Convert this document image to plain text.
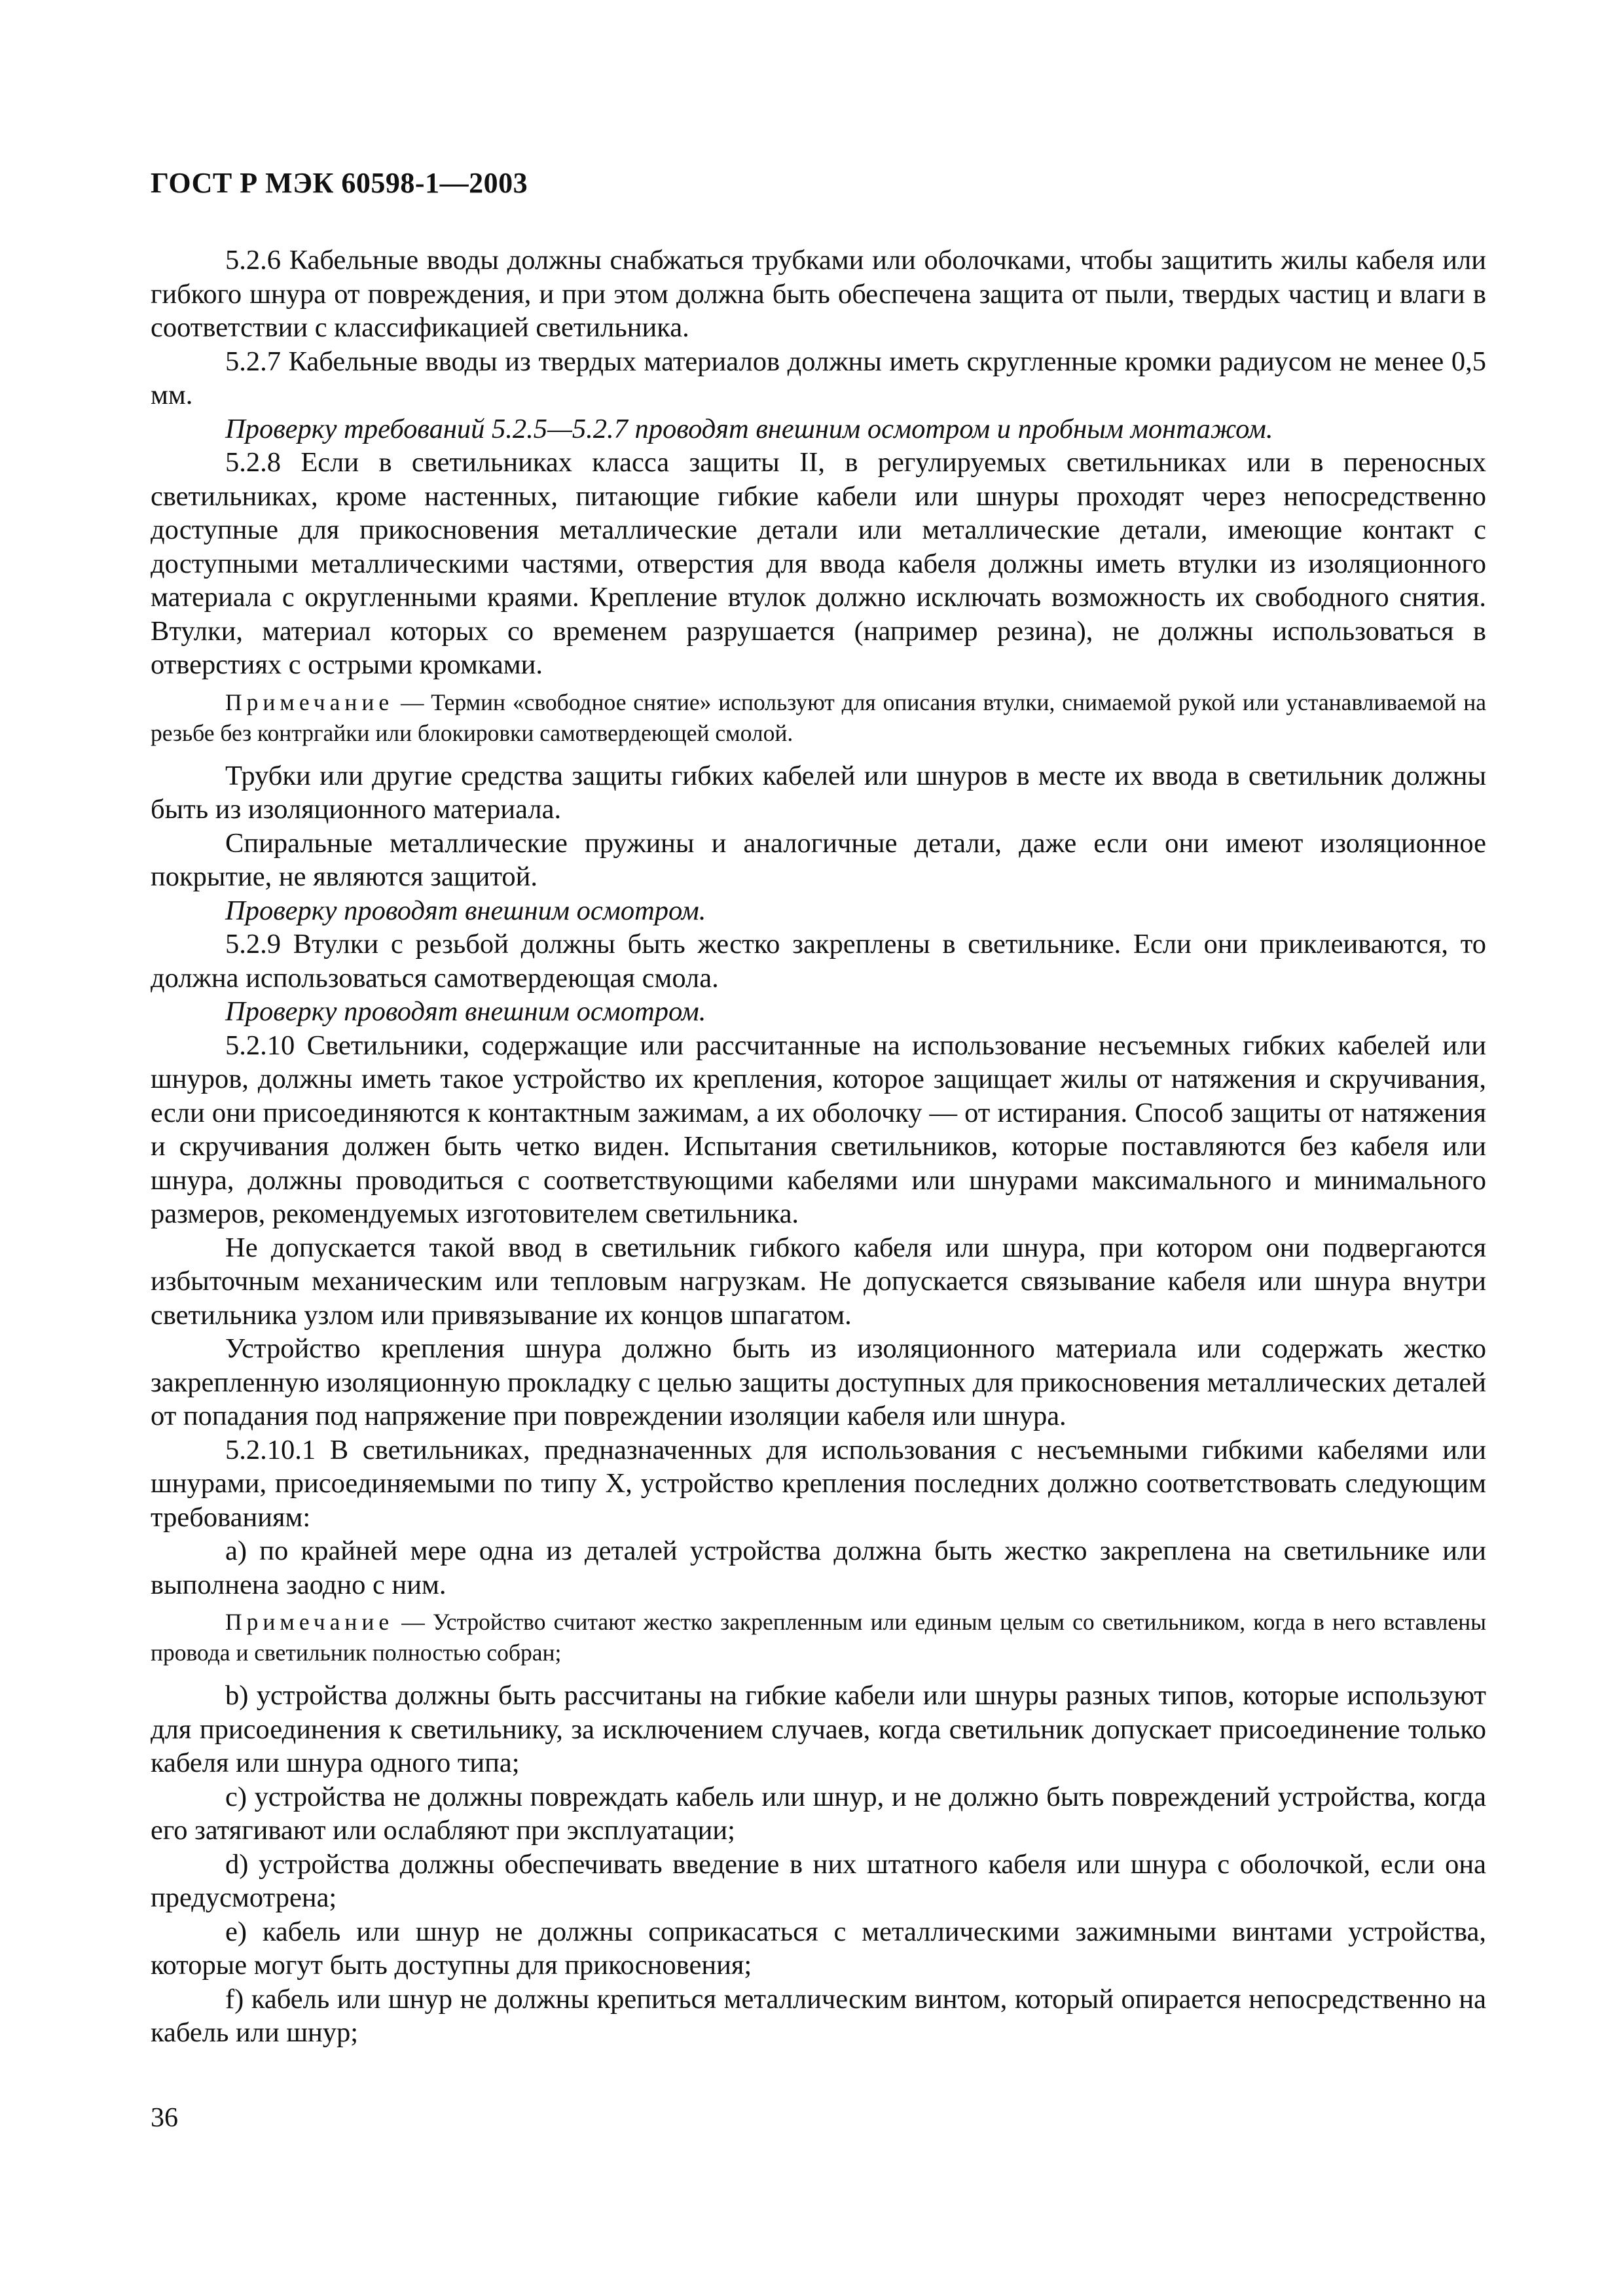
ГОСТ Р МЭК 60598-1—2003

5.2.6 Кабельные вводы должны снабжаться трубками или оболочками, чтобы защитить жилы кабеля или гибкого шнура от повреждения, и при этом должна быть обеспечена защита от пыли, твердых частиц и влаги в соответствии с классификацией светильника.

5.2.7 Кабельные вводы из твердых материалов должны иметь скругленные кромки радиусом не менее 0,5 мм.

Проверку требований 5.2.5—5.2.7 проводят внешним осмотром и пробным монтажом.

5.2.8 Если в светильниках класса защиты II, в регулируемых светильниках или в переносных светильниках, кроме настенных, питающие гибкие кабели или шнуры проходят через непосредственно доступные для прикосновения металлические детали или металлические детали, имеющие контакт с доступными металлическими частями, отверстия для ввода кабеля должны иметь втулки из изоляционного материала с округленными краями. Крепление втулок должно исключать возможность их свободного снятия. Втулки, материал которых со временем разрушается (например резина), не должны использоваться в отверстиях с острыми кромками.

Примечание — Термин «свободное снятие» используют для описания втулки, снимаемой рукой или устанавливаемой на резьбе без контргайки или блокировки самотвердеющей смолой.

Трубки или другие средства защиты гибких кабелей или шнуров в месте их ввода в светильник должны быть из изоляционного материала.

Спиральные металлические пружины и аналогичные детали, даже если они имеют изоляционное покрытие, не являются защитой.

Проверку проводят внешним осмотром.

5.2.9 Втулки с резьбой должны быть жестко закреплены в светильнике. Если они приклеиваются, то должна использоваться самотвердеющая смола.

Проверку проводят внешним осмотром.

5.2.10 Светильники, содержащие или рассчитанные на использование несъемных гибких кабелей или шнуров, должны иметь такое устройство их крепления, которое защищает жилы от натяжения и скручивания, если они присоединяются к контактным зажимам, а их оболочку — от истирания. Способ защиты от натяжения и скручивания должен быть четко виден. Испытания светильников, которые поставляются без кабеля или шнура, должны проводиться с соответствующими кабелями или шнурами максимального и минимального размеров, рекомендуемых изготовителем светильника.

Не допускается такой ввод в светильник гибкого кабеля или шнура, при котором они подвергаются избыточным механическим или тепловым нагрузкам. Не допускается связывание кабеля или шнура внутри светильника узлом или привязывание их концов шпагатом.

Устройство крепления шнура должно быть из изоляционного материала или содержать жестко закрепленную изоляционную прокладку с целью защиты доступных для прикосновения металлических деталей от попадания под напряжение при повреждении изоляции кабеля или шнура.

5.2.10.1 В светильниках, предназначенных для использования с несъемными гибкими кабелями или шнурами, присоединяемыми по типу X, устройство крепления последних должно соответствовать следующим требованиям:

а) по крайней мере одна из деталей устройства должна быть жестко закреплена на светильнике или выполнена заодно с ним.

Примечание — Устройство считают жестко закрепленным или единым целым со светильником, когда в него вставлены провода и светильник полностью собран;

b) устройства должны быть рассчитаны на гибкие кабели или шнуры разных типов, которые используют для присоединения к светильнику, за исключением случаев, когда светильник допускает присоединение только кабеля или шнура одного типа;

с) устройства не должны повреждать кабель или шнур, и не должно быть повреждений устройства, когда его затягивают или ослабляют при эксплуатации;

d) устройства должны обеспечивать введение в них штатного кабеля или шнура с оболочкой, если она предусмотрена;

е) кабель или шнур не должны соприкасаться с металлическими зажимными винтами устройства, которые могут быть доступны для прикосновения;

f) кабель или шнур не должны крепиться металлическим винтом, который опирается непосредственно на кабель или шнур;

36
